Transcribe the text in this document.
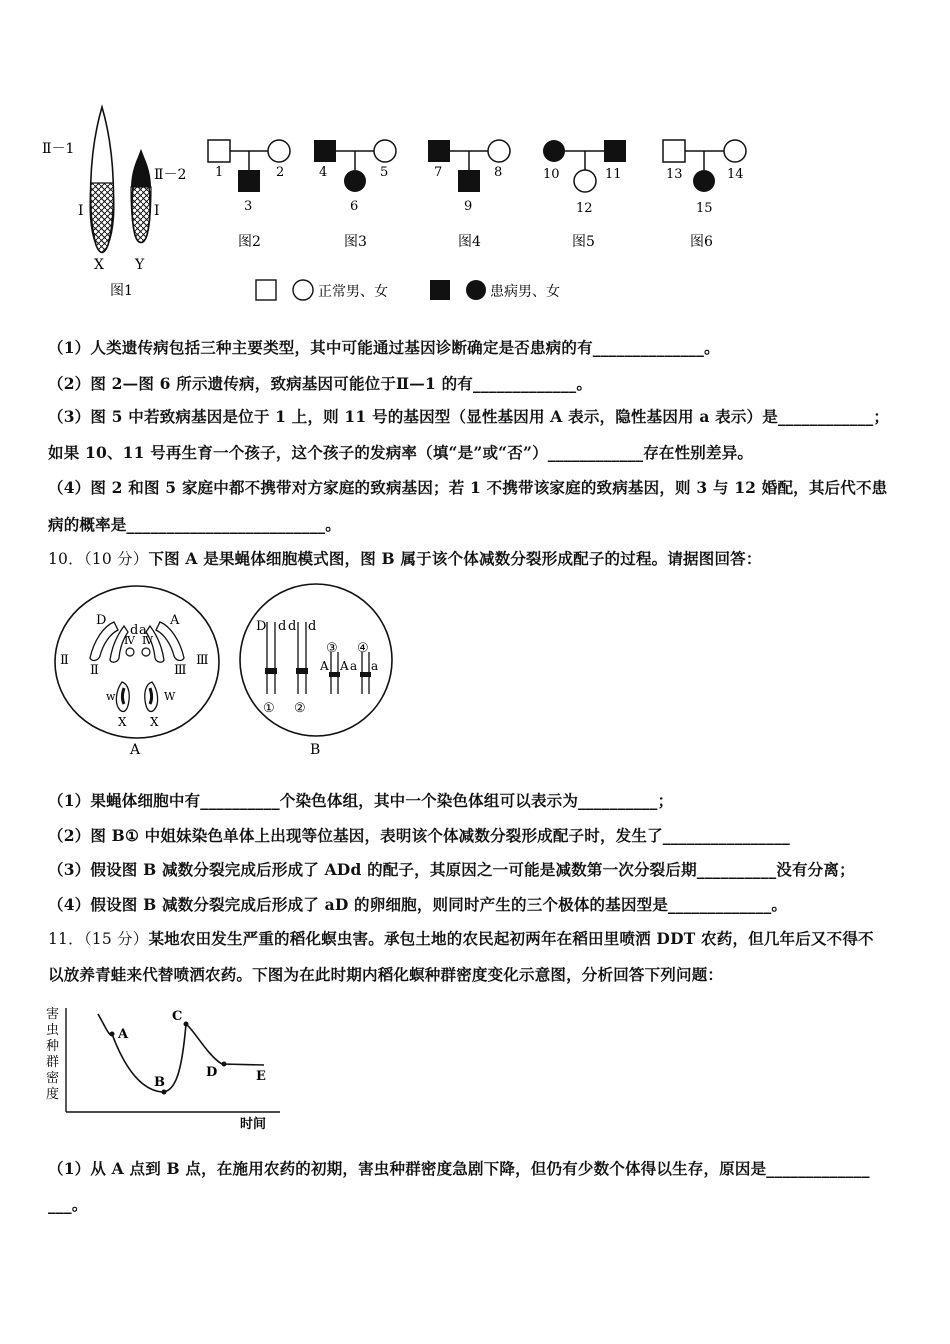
Ⅱ－1
Ⅱ－2
Ⅰ	Ⅰ
X Y
图1
1	2
3
图2
4	5
6
图3
7	8
9
图4
10	11
12
图5
13	14
15
图6
正常男、女	患病男、女
（1）人类遗传病包括三种主要类型，其中可能通过基因诊断确定是否患病的有______________。
（2）图 2—图 6 所示遗传病，致病基因可能位于Ⅱ—1 的有_____________。
（3）图 5 中若致病基因是位于 1 上，则 11 号的基因型（显性基因用 A 表示，隐性基因用 a 表示）是____________；
如果 10、11 号再生育一个孩子，这个孩子的发病率（填“是”或“否”）____________存在性别差异。
（4）图 2 和图 5 家庭中都不携带对方家庭的致病基因；若 1 不携带该家庭的致病基因，则 3 与 12 婚配，其后代不患
病的概率是_________________________。
10．（10 分）下图 A 是果蝇体细胞模式图，图 B 属于该个体减数分裂形成配子的过程。请据图回答：
D
d a
A
Ⅱ
Ⅱ
Ⅳ Ⅳ
Ⅲ
Ⅲ
w	W
X X
A
D d d d
③ ④
A A a a
① ②
B
（1）果蝇体细胞中有__________个染色体组，其中一个染色体组可以表示为__________；
（2）图 B① 中姐妹染色单体上出现等位基因，表明该个体减数分裂形成配子时，发生了________________
（3）假设图 B 减数分裂完成后形成了 ADd 的配子，其原因之一可能是减数第一次分裂后期__________没有分离；
（4）假设图 B 减数分裂完成后形成了 aD 的卵细胞，则同时产生的三个极体的基因型是_____________。
11．（15 分）某地农田发生严重的稻化螟虫害。承包土地的农民起初两年在稻田里喷洒 DDT 农药，但几年后又不得不
以放养青蛙来代替喷洒农药。下图为在此时期内稻化螟种群密度变化示意图，分析回答下列问题：
害
虫
种
群
密
度
A
B
C
D	E
时间
（1）从 A 点到 B 点，在施用农药的初期，害虫种群密度急剧下降，但仍有少数个体得以生存，原因是_____________
___。
